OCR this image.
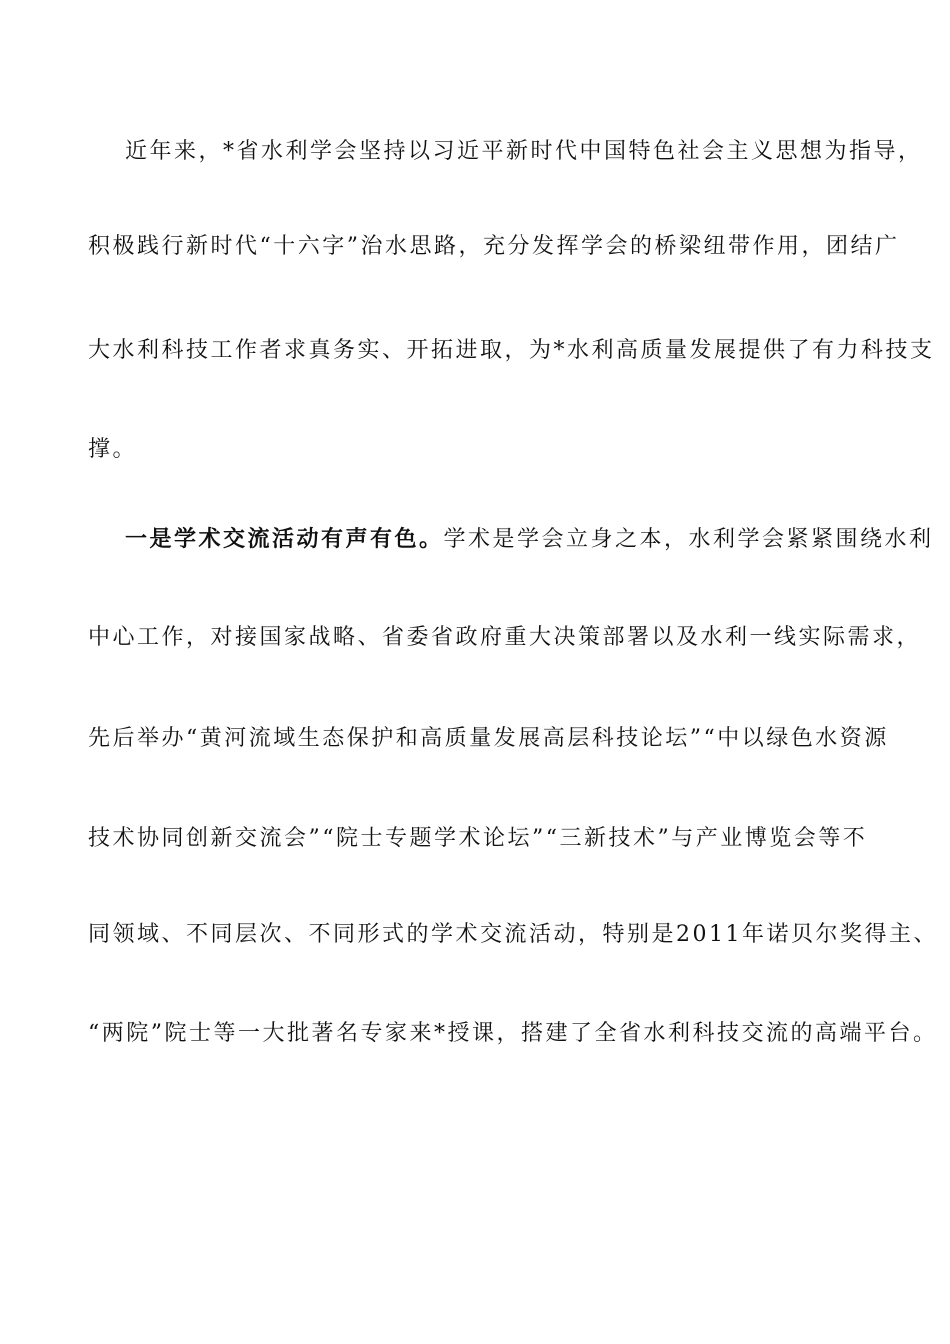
近年来，*省水利学会坚持以习近平新时代中国特色社会主义思想为指导，
积极践行新时代“十六字”治水思路，充分发挥学会的桥梁纽带作用，团结广
大水利科技工作者求真务实、开拓进取，为*水利高质量发展提供了有力科技支
撑。
一是学术交流活动有声有色。学术是学会立身之本，水利学会紧紧围绕水利
中心工作，对接国家战略、省委省政府重大决策部署以及水利一线实际需求，
先后举办“黄河流域生态保护和高质量发展高层科技论坛”“中以绿色水资源
技术协同创新交流会”“院士专题学术论坛”“三新技术”与产业博览会等不
同领域、不同层次、不同形式的学术交流活动，特别是2011年诺贝尔奖得主、
“两院”院士等一大批著名专家来*授课，搭建了全省水利科技交流的高端平台。
